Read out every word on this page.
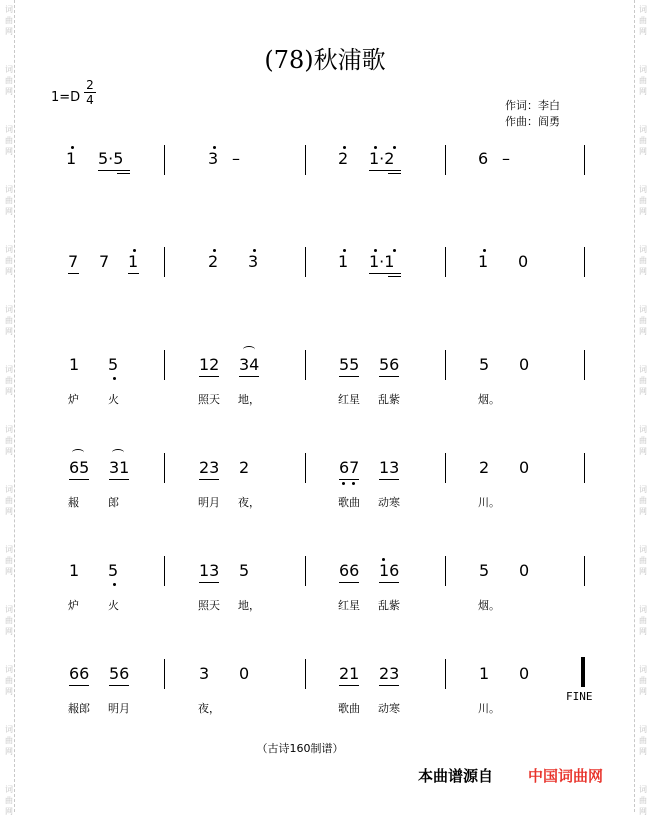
词
曲
网
词
曲
网
词
曲
网
词
曲
网
词
曲
网
词
曲
网
词
曲
网
词
曲
网
词
曲
网
词
曲
网
词
曲
网
词
曲
网
词
曲
网
词
曲
网
词
曲
网
词
曲
网
词
曲
网
词
曲
网
词
曲
网
词
曲
网
词
曲
网
词
曲
网
词
曲
网
词
曲
网
词
曲
网
词
曲
网
词
曲
网
词
曲
网
(78)秋浦歌
1=D
2
4	作词：李白
作曲：阎勇
FINE
1 5·5	3 –	2 1·2	6 –
7 7 1	2 3	1 1·1	1 0
1 5	12 34	55 56	5 0
炉	火	照天 地，	红星 乱紫	烟。
65 31	23 2	67 13	2 0
赧	郎	明月 夜，	歌曲 动寒	川。
1 5	13 5	66 16	5 0
炉	火	照天 地，	红星 乱紫	烟。
66 56	3 0	21 23	1 0
赧郎 明月	夜，	歌曲 动寒	川。
（古诗160制谱）
本曲谱源自 中国词曲网
